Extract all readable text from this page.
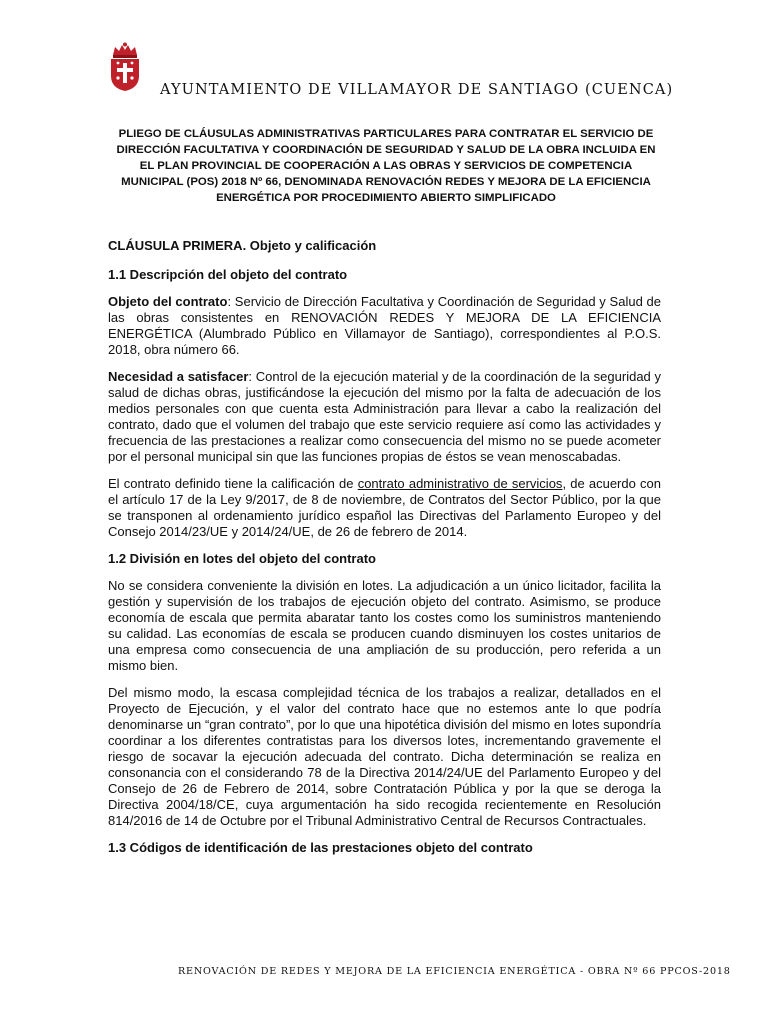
AYUNTAMIENTO DE VILLAMAYOR DE SANTIAGO (CUENCA)
PLIEGO DE CLÁUSULAS ADMINISTRATIVAS PARTICULARES PARA CONTRATAR EL SERVICIO DE DIRECCIÓN FACULTATIVA Y COORDINACIÓN DE SEGURIDAD Y SALUD DE LA OBRA INCLUIDA EN EL PLAN PROVINCIAL DE COOPERACIÓN A LAS OBRAS Y SERVICIOS DE COMPETENCIA MUNICIPAL (POS) 2018 Nº 66, DENOMINADA RENOVACIÓN REDES Y MEJORA DE LA EFICIENCIA ENERGÉTICA POR PROCEDIMIENTO ABIERTO SIMPLIFICADO
CLÁUSULA PRIMERA. Objeto y calificación
1.1 Descripción del objeto del contrato

Objeto del contrato: Servicio de Dirección Facultativa y Coordinación de Seguridad y Salud de las obras consistentes en RENOVACIÓN REDES Y MEJORA DE LA EFICIENCIA ENERGÉTICA (Alumbrado Público en Villamayor de Santiago), correspondientes al P.O.S. 2018, obra número 66.

Necesidad a satisfacer: Control de la ejecución material y de la coordinación de la seguridad y salud de dichas obras, justificándose la ejecución del mismo por la falta de adecuación de los medios personales con que cuenta esta Administración para llevar a cabo la realización del contrato, dado que el volumen del trabajo que este servicio requiere así como las actividades y frecuencia de las prestaciones a realizar como consecuencia del mismo no se puede acometer por el personal municipal sin que las funciones propias de éstos se vean menoscabadas.

El contrato definido tiene la calificación de contrato administrativo de servicios, de acuerdo con el artículo 17 de la Ley 9/2017, de 8 de noviembre, de Contratos del Sector Público, por la que se transponen al ordenamiento jurídico español las Directivas del Parlamento Europeo y del Consejo 2014/23/UE y 2014/24/UE, de 26 de febrero de 2014.

1.2 División en lotes del objeto del contrato

No se considera conveniente la división en lotes. La adjudicación a un único licitador, facilita la gestión y supervisión de los trabajos de ejecución objeto del contrato. Asimismo, se produce economía de escala que permita abaratar tanto los costes como los suministros manteniendo su calidad. Las economías de escala se producen cuando disminuyen los costes unitarios de una empresa como consecuencia de una ampliación de su producción, pero referida a un mismo bien.

Del mismo modo, la escasa complejidad técnica de los trabajos a realizar, detallados en el Proyecto de Ejecución, y el valor del contrato hace que no estemos ante lo que podría denominarse un “gran contrato”, por lo que una hipotética división del mismo en lotes supondría coordinar a los diferentes contratistas para los diversos lotes, incrementando gravemente el riesgo de socavar la ejecución adecuada del contrato. Dicha determinación se realiza en consonancia con el considerando 78 de la Directiva 2014/24/UE del Parlamento Europeo y del Consejo de 26 de Febrero de 2014, sobre Contratación Pública y por la que se deroga la Directiva 2004/18/CE, cuya argumentación ha sido recogida recientemente en Resolución 814/2016 de 14 de Octubre por el Tribunal Administrativo Central de Recursos Contractuales.

1.3 Códigos de identificación de las prestaciones objeto del contrato
RENOVACIÓN DE REDES Y MEJORA DE LA EFICIENCIA ENERGÉTICA - OBRA Nº 66 PPCOS-2018
